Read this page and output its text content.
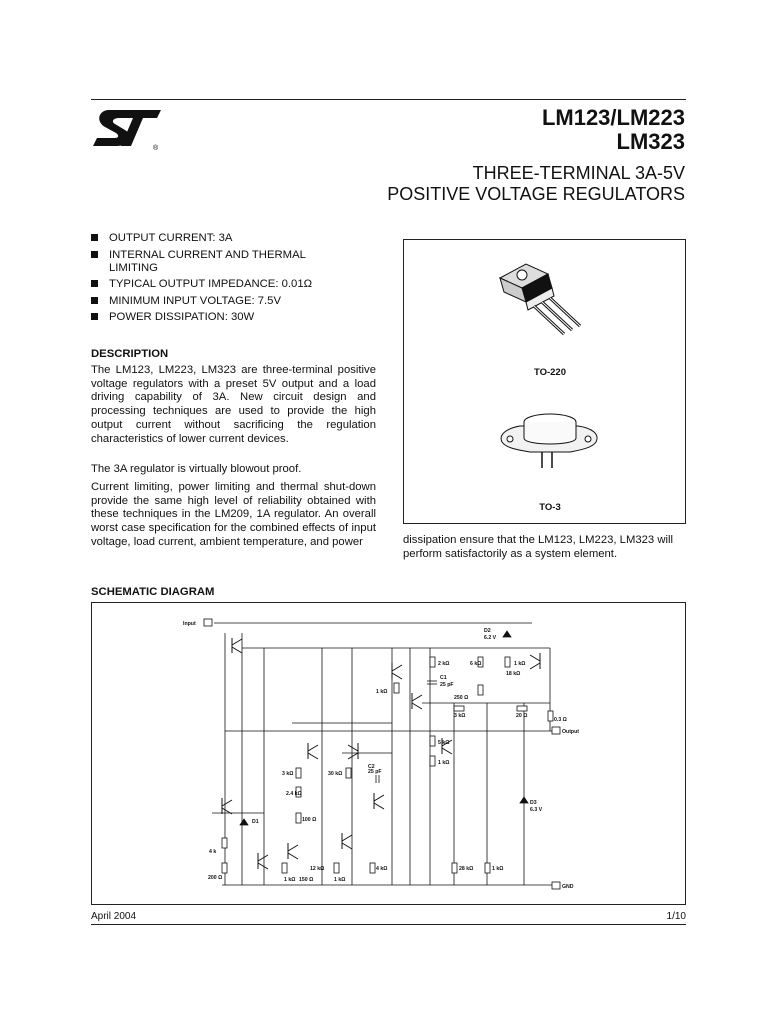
®
LM123/LM223
LM323
THREE-TERMINAL 3A-5V
POSITIVE VOLTAGE REGULATORS
OUTPUT CURRENT: 3A
INTERNAL CURRENT AND THERMAL LIMITING
TYPICAL OUTPUT IMPEDANCE: 0.01Ω
MINIMUM INPUT VOLTAGE: 7.5V
POWER DISSIPATION: 30W
DESCRIPTION
The LM123, LM223, LM323 are three-terminal positive voltage regulators with a preset 5V output and a load driving capability of 3A. New circuit design and processing techniques are used to provide the high output current without sacrificing the regulation characteristics of lower current devices.
The 3A regulator is virtually blowout proof.
Current limiting, power limiting and thermal shut-down provide the same high level of reliability obtained with these techniques in the LM209, 1A regulator. An overall worst case specification for the combined effects of input voltage, load current, ambient temperature, and power	dissipation ensure that the LM123, LM223, LM323 will perform satisfactorily as a system element.
TO-220
TO-3
SCHEMATIC DIAGRAM
Input
Output
GND
D2
6.2 V
D3
6.3 V
D1
C1
25 pF
C2
25 pF
2 kΩ	6 kΩ	1 kΩ
18 kΩ
1 kΩ
250 Ω
3 kΩ	20 Ω
0.3 Ω
5 kΩ
1 kΩ
3 kΩ
2.4 kΩ
30 kΩ
100 Ω
12 kΩ
1 kΩ
4 kΩ
4 k
200 Ω	1 kΩ 150 Ω
28 kΩ	1 kΩ
April 2004	1/10
